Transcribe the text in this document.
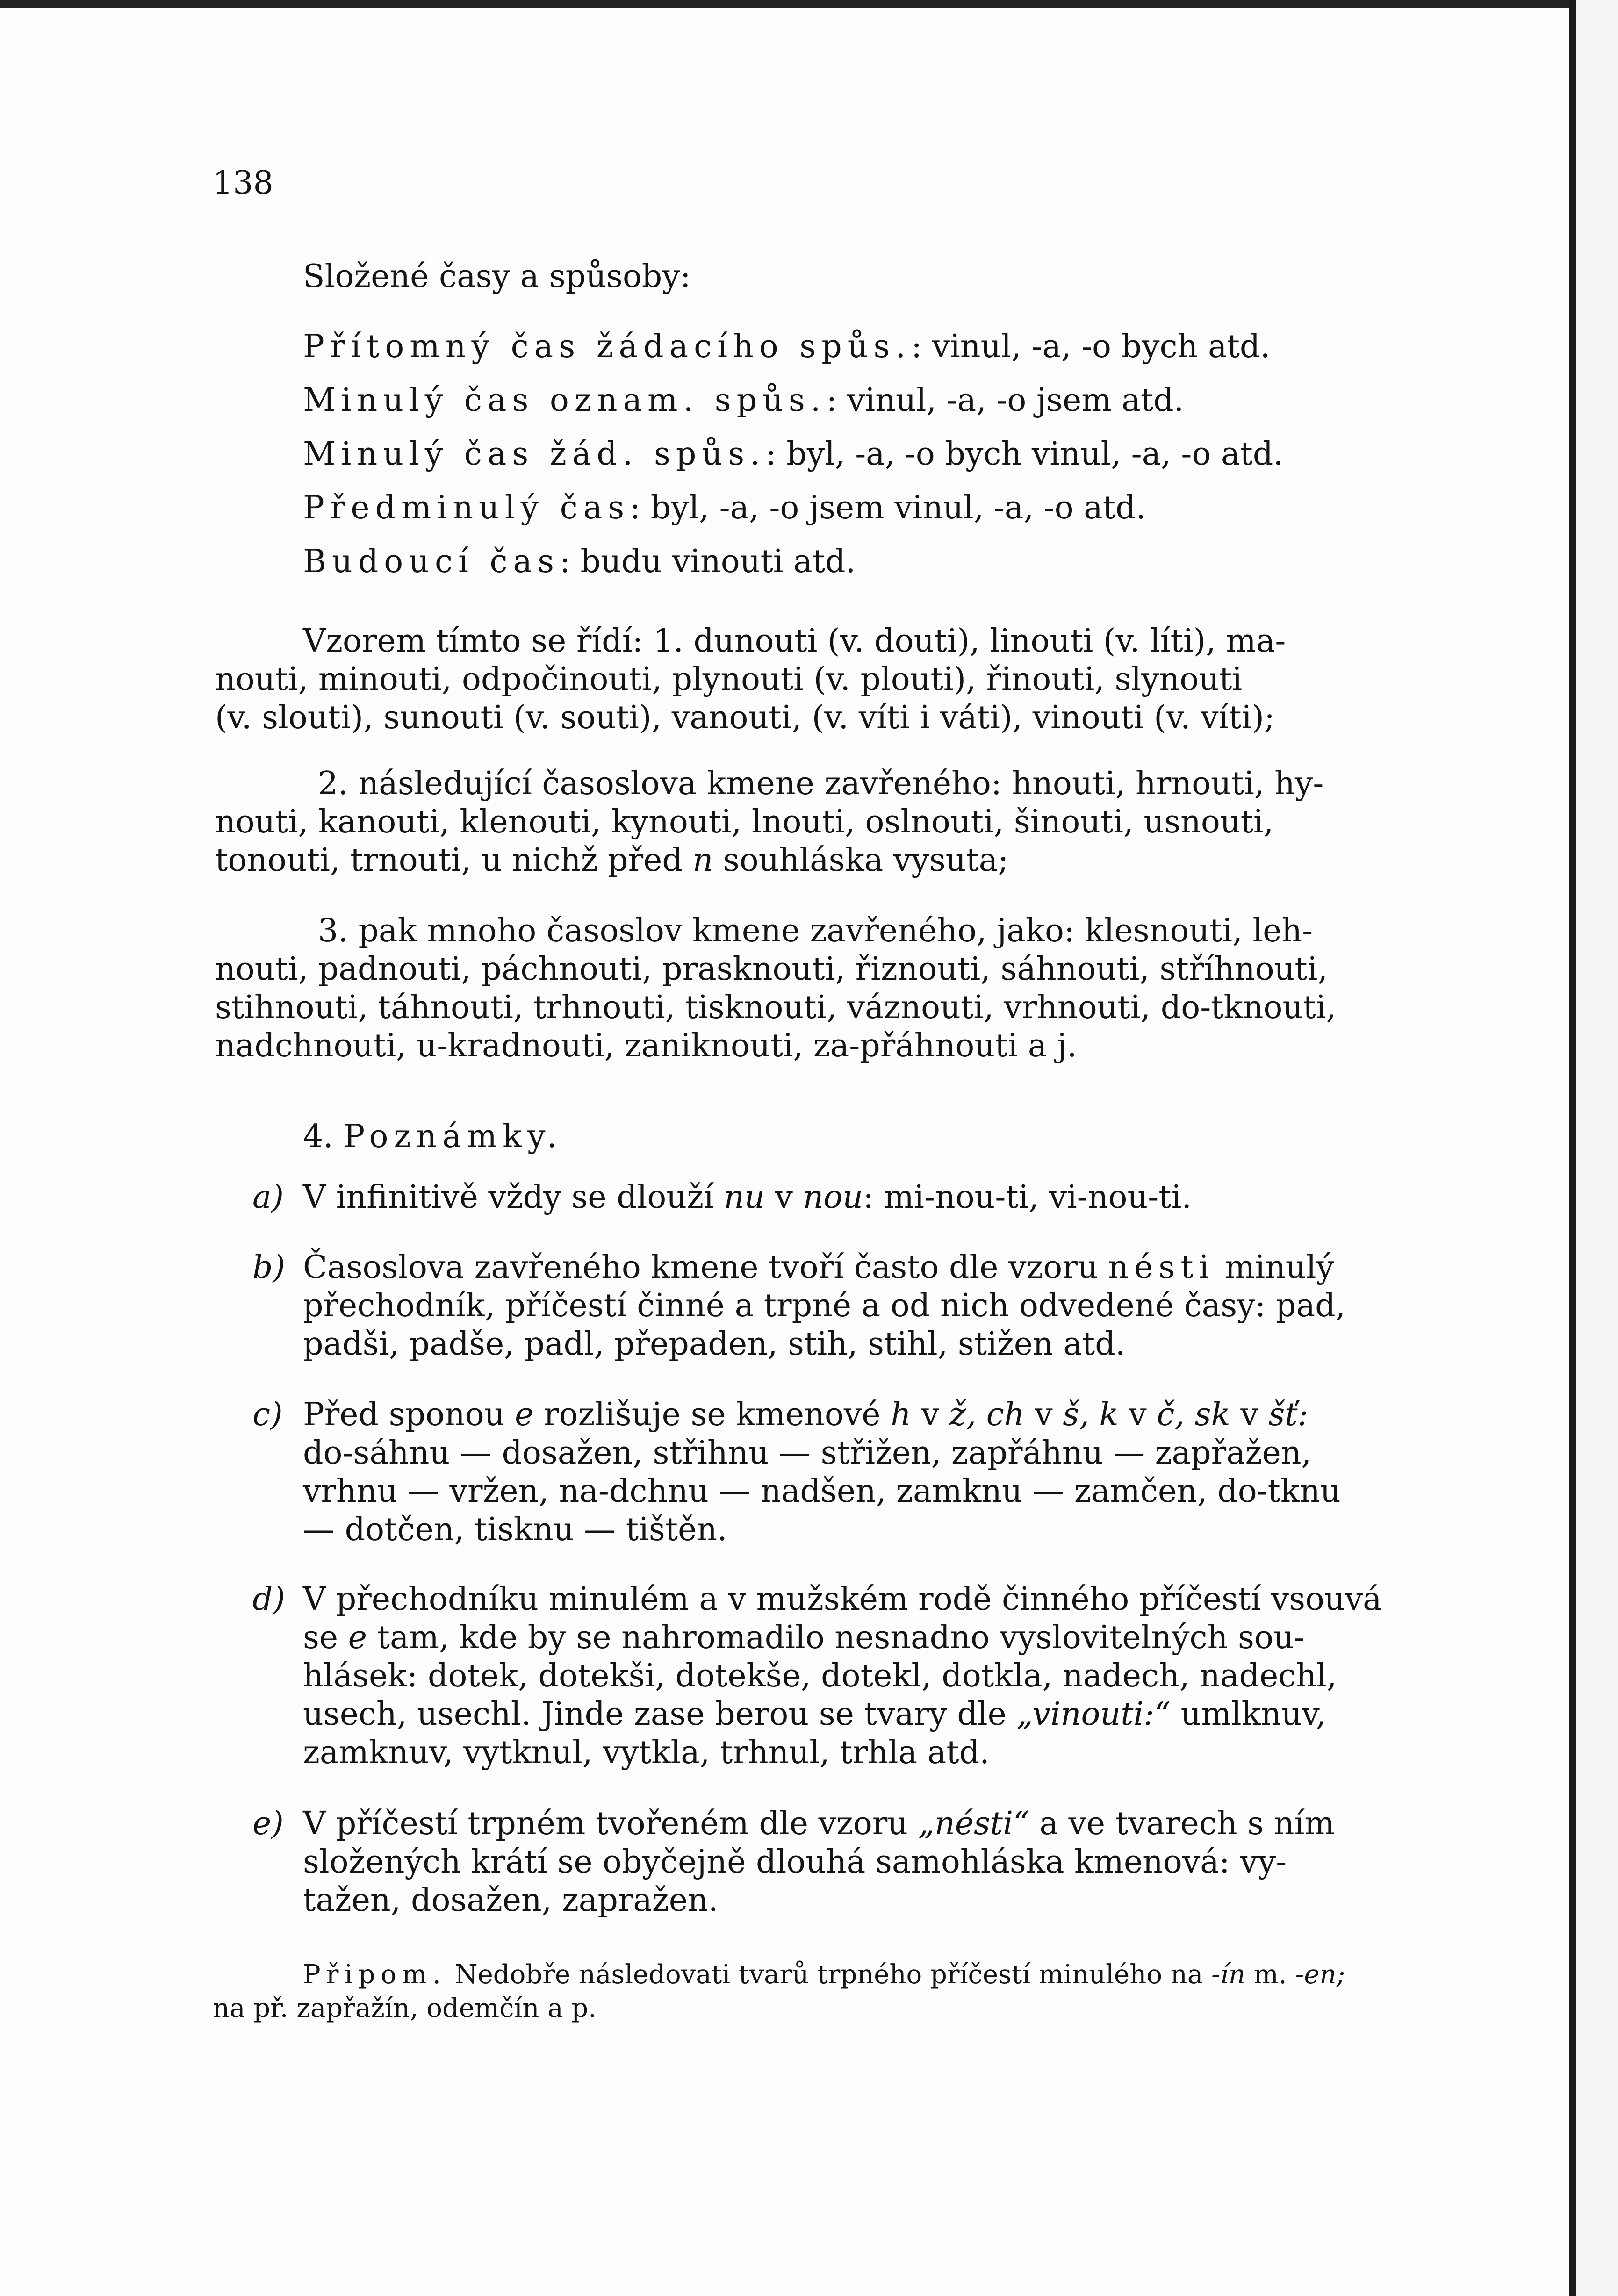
138
Složené časy a spůsoby:
Přítomný čas žádacího spůs.: vinul, -a, -o bych atd.
Minulý čas oznam. spůs.: vinul, -a, -o jsem atd.
Minulý čas žád. spůs.: byl, -a, -o bych vinul, -a, -o atd.
Předminulý čas: byl, -a, -o jsem vinul, -a, -o atd.
Budoucí čas: budu vinouti atd.
Vzorem tímto se řídí: 1. dunouti (v. douti), linouti (v. líti), ma-
nouti, minouti, odpočinouti, plynouti (v. plouti), řinouti, slynouti
(v. slouti), sunouti (v. souti), vanouti, (v. víti i váti), vinouti (v. víti);
2. následující časoslova kmene zavřeného: hnouti, hrnouti, hy-
nouti, kanouti, klenouti, kynouti, lnouti, oslnouti, šinouti, usnouti,
tonouti, trnouti, u nichž před n souhláska vysuta;
3. pak mnoho časoslov kmene zavřeného, jako: klesnouti, leh-
nouti, padnouti, páchnouti, prasknouti, řiznouti, sáhnouti, stříhnouti,
stihnouti, táhnouti, trhnouti, tisknouti, váznouti, vrhnouti, do-tknouti,
nadchnouti, u-kradnouti, zaniknouti, za-přáhnouti a j.
4. Poznámky.
a) V infinitivě vždy se dlouží nu v nou: mi-nou-ti, vi-nou-ti.
b) Časoslova zavřeného kmene tvoří často dle vzoru nésti minulý
přechodník, příčestí činné a trpné a od nich odvedené časy: pad,
padši, padše, padl, přepaden, stih, stihl, stižen atd.
c) Před sponou e rozlišuje se kmenové h v ž, ch v š, k v č, sk v šť:
do-sáhnu — dosažen, střihnu — střižen, zapřáhnu — zapřažen,
vrhnu — vržen, na-dchnu — nadšen, zamknu — zamčen, do-tknu
— dotčen, tisknu — tištěn.
d) V přechodníku minulém a v mužském rodě činného příčestí vsouvá
se e tam, kde by se nahromadilo nesnadno vyslovitelných sou-
hlásek: dotek, dotekši, dotekše, dotekl, dotkla, nadech, nadechl,
usech, usechl. Jinde zase berou se tvary dle „vinouti:“ umlknuv,
zamknuv, vytknul, vytkla, trhnul, trhla atd.
e) V příčestí trpném tvořeném dle vzoru „nésti“ a ve tvarech s ním
složených krátí se obyčejně dlouhá samohláska kmenová: vy-
tažen, dosažen, zapražen.
Připom. Nedobře následovati tvarů trpného příčestí minulého na -ín m. -en;
na př. zapřažín, odemčín a p.
